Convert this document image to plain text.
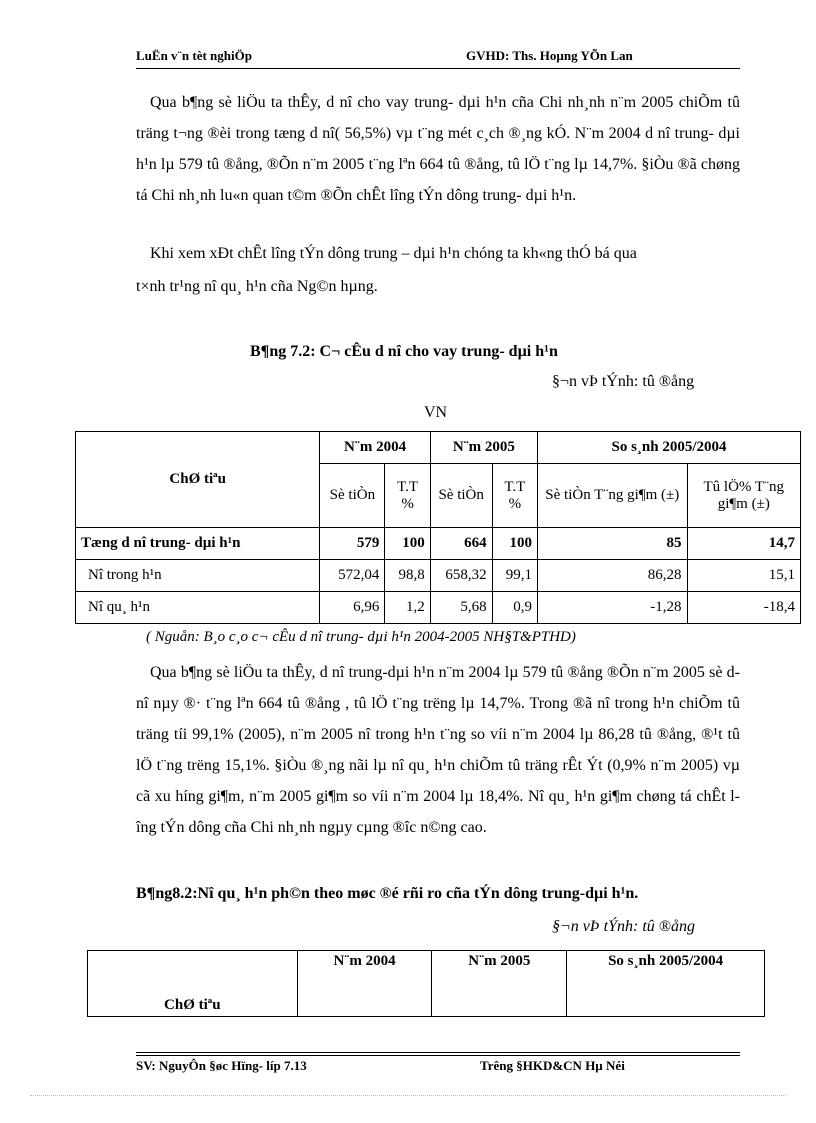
LuËn v¨n tèt nghiÖp	GVHD: Ths. Hoµng YÕn Lan

Qua b¶ng sè liÖu ta thÊy, d nî cho vay trung- dµi h¹n cña Chi nh¸nh n¨m 2005 chiÕm tû träng t¬ng ®èi trong tæng d nî( 56,5%) vµ t¨ng mét c¸ch ®¸ng kÓ. N¨m 2004 d nî trung- dµi h¹n lµ 579 tû ®ång, ®Õn n¨m 2005 t¨ng lªn 664 tû ®ång, tû lÖ t¨ng lµ 14,7%. §iÒu ®ã chøng tá Chi nh¸nh lu«n quan t©m ®Õn chÊt lîng tÝn dông trung- dµi h¹n.

Khi xem xÐt chÊt lîng tÝn dông trung – dµi h¹n chóng ta kh«ng thÓ bá qua
t×nh tr¹ng nî qu¸ h¹n cña Ng©n hµng.
B¶ng 7.2: C¬ cÊu d nî cho vay trung- dµi h¹n
§¬n vÞ tÝnh: tû ®ång
VN
ChØ tiªu	N¨m 2004		N¨m 2005		So s¸nh 2005/2004	
	Sè tiÒn	T.T %	Sè tiÒn	T.T %	Sè tiÒn T¨ng gi¶m (±)	Tû lÖ% T¨ng gi¶m (±)
Tæng d nî trung- dµi h¹n	579	100	664	100	85	14,7
Nî trong h¹n	572,04	98,8	658,32	99,1	86,28	15,1
Nî qu¸ h¹n	6,96	1,2	5,68	0,9	-1,28	-18,4
( Nguån: B¸o c¸o c¬ cÊu d nî trung- dµi h¹n 2004-2005 NH§T&PTHD)

Qua b¶ng sè liÖu ta thÊy, d nî trung-dµi h¹n n¨m 2004 lµ 579 tû ®ång ®Õn n¨m 2005 sè d nî nµy ®· t¨ng lªn 664 tû ®ång , tû lÖ t¨ng trëng lµ 14,7%. Trong ®ã nî trong h¹n chiÕm tû träng tíi 99,1% (2005), n¨m 2005 nî trong h¹n t¨ng so víi n¨m 2004 lµ 86,28 tû ®ång, ®¹t tû lÖ t¨ng trëng 15,1%. §iÒu ®¸ng nãi lµ nî qu¸ h¹n chiÕm tû träng rÊt Ýt (0,9% n¨m 2005) vµ cã xu híng gi¶m, n¨m 2005 gi¶m so víi n¨m 2004 lµ 18,4%. Nî qu¸ h¹n gi¶m chøng tá chÊt lîng tÝn dông cña Chi nh¸nh ngµy cµng ®îc n©ng cao.

B¶ng8.2:Nî qu¸ h¹n ph©n theo møc ®é rñi ro cña tÝn dông trung-dµi h¹n.
§¬n vÞ tÝnh: tû ®ång
ChØ tiªu	N¨m 2004	N¨m 2005	So s¸nh 2005/2004
SV: NguyÔn §øc Hïng- líp 7.13	Trêng §HKD&CN Hµ Néi
